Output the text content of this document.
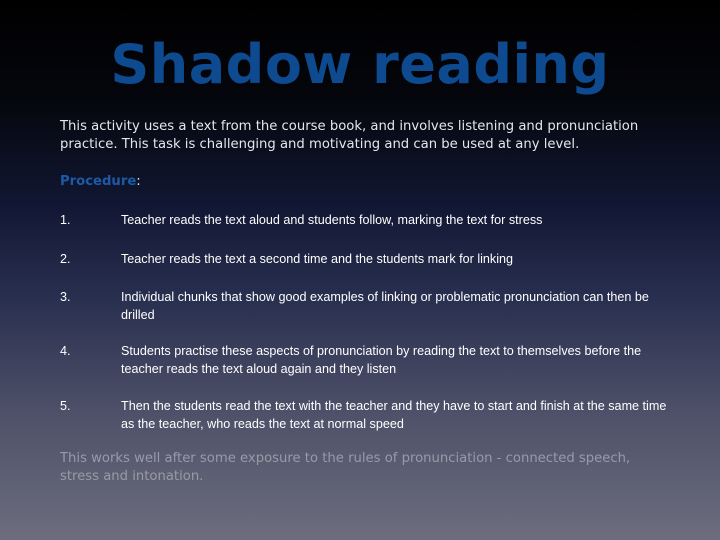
Shadow reading
This activity uses a text from the course book, and involves listening and pronunciation practice. This task is challenging and motivating and can be used at any level.
Procedure:
1.	Teacher reads the text aloud and students follow, marking the text for stress
2.	Teacher reads the text a second time and the students mark for linking
3.	Individual chunks that show good examples of linking or problematic pronunciation can then be drilled
4.	Students practise these aspects of pronunciation by reading the text to themselves before the teacher reads the text aloud again and they listen
5.	Then the students read the text with the teacher and they have to start and finish at the same time as the teacher, who reads the text at normal speed
This works well after some exposure to the rules of pronunciation - connected speech, stress and intonation.
